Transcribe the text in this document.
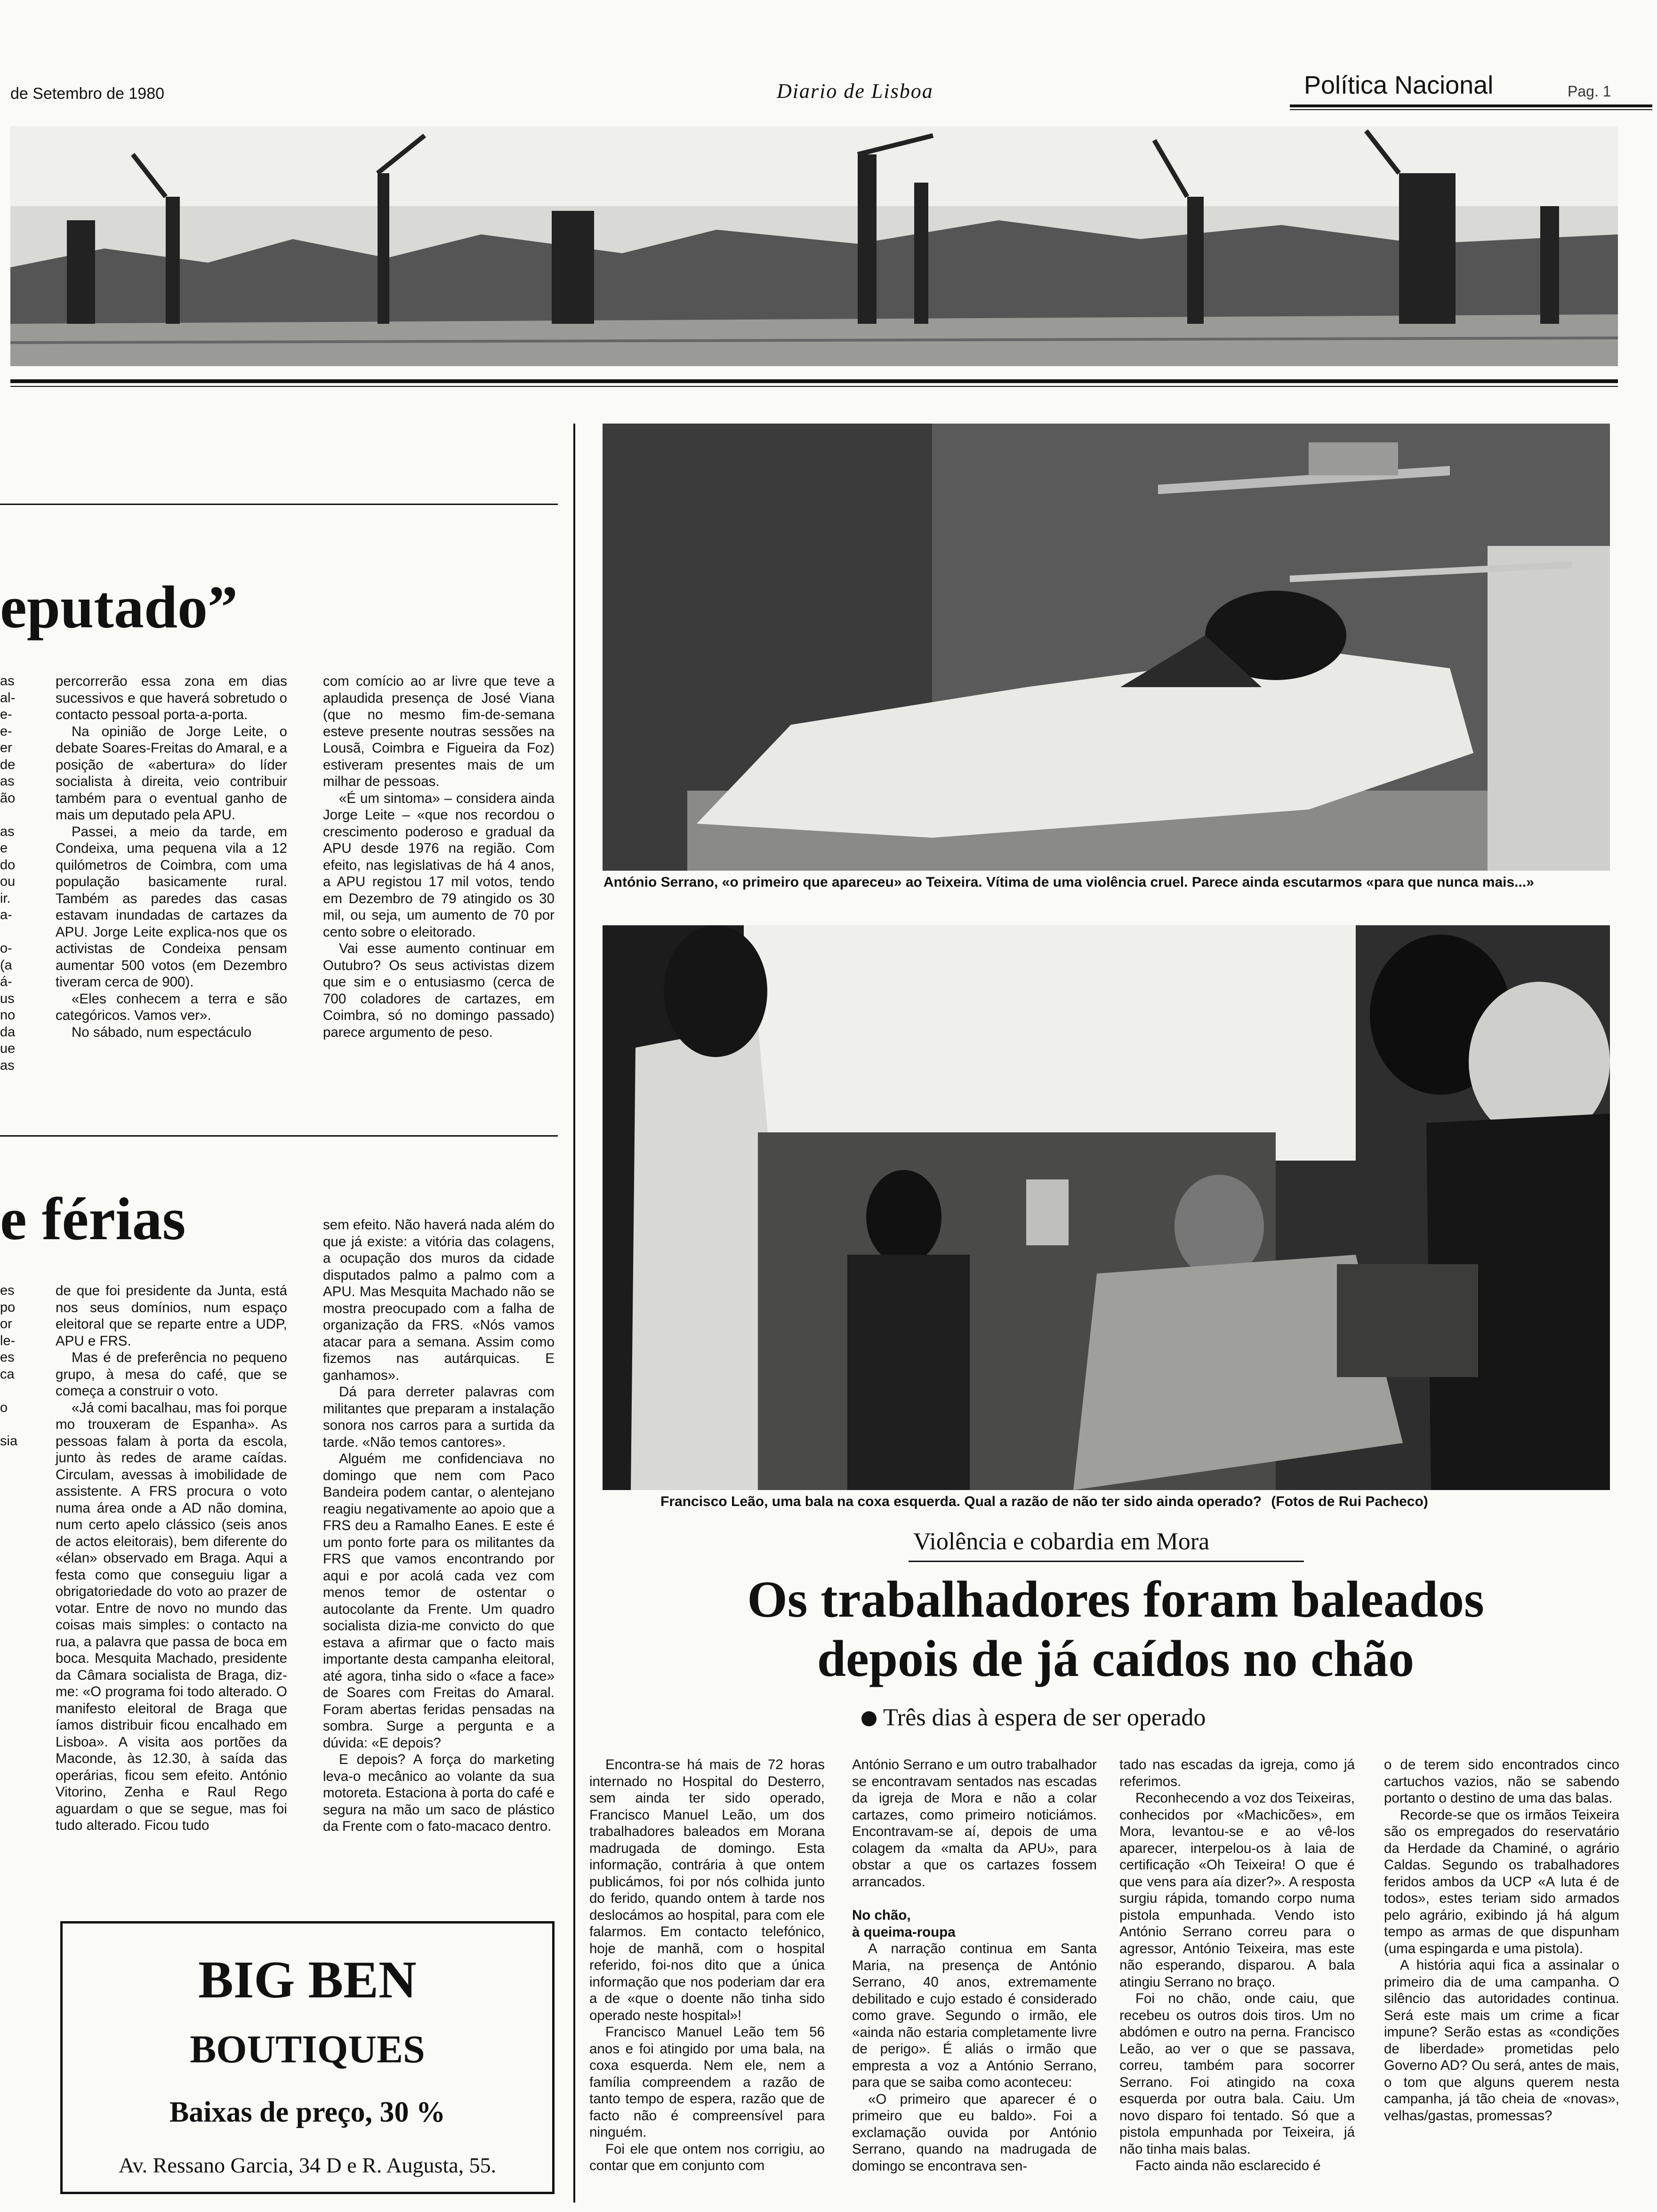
de Setembro de 1980	Diario de Lisboa	Política Nacional	Pag. 1
eputado”
as
al-
e-
e-
er
de
as
ão

as
e
do
ou
ir.
a-

o-
(a
á-
us
no
da
ue
as

percorrerão essa zona em dias sucessivos e que haverá sobretudo o contacto pessoal porta-a-porta.

Na opinião de Jorge Leite, o debate Soares-Freitas do Amaral, e a posição de «abertura» do líder socialista à direita, veio contribuir também para o eventual ganho de mais um deputado pela APU.

Passei, a meio da tarde, em Condeixa, uma pequena vila a 12 quilómetros de Coimbra, com uma população basicamente rural. Também as paredes das casas estavam inundadas de cartazes da APU. Jorge Leite explica-nos que os activistas de Condeixa pensam aumentar 500 votos (em Dezembro tiveram cerca de 900).

«Eles conhecem a terra e são categóricos. Vamos ver».

No sábado, num espectáculo

com comício ao ar livre que teve a aplaudida presença de José Viana (que no mesmo fim-de-semana esteve presente noutras sessões na Lousã, Coimbra e Figueira da Foz) estiveram presentes mais de um milhar de pessoas.

«É um sintoma» – considera ainda Jorge Leite – «que nos recordou o crescimento poderoso e gradual da APU desde 1976 na região. Com efeito, nas legislativas de há 4 anos, a APU registou 17 mil votos, tendo em Dezembro de 79 atingido os 30 mil, ou seja, um aumento de 70 por cento sobre o eleitorado.

Vai esse aumento continuar em Outubro? Os seus activistas dizem que sim e o entusiasmo (cerca de 700 coladores de cartazes, em Coimbra, só no domingo passado) parece argumento de peso.

e férias
es
po
or
le-
es
ca

o

sia

de que foi presidente da Junta, está nos seus domínios, num espaço eleitoral que se reparte entre a UDP, APU e FRS.

Mas é de preferência no pequeno grupo, à mesa do café, que se começa a construir o voto.

«Já comi bacalhau, mas foi porque mo trouxeram de Espanha». As pessoas falam à porta da escola, junto às redes de arame caídas. Circulam, avessas à imobilidade de assistente. A FRS procura o voto numa área onde a AD não domina, num certo apelo clássico (seis anos de actos eleitorais), bem diferente do «élan» observado em Braga. Aqui a festa como que conseguiu ligar a obrigatoriedade do voto ao prazer de votar. Entre de novo no mundo das coisas mais simples: o contacto na rua, a palavra que passa de boca em boca. Mesquita Machado, presidente da Câmara socialista de Braga, diz-me: «O programa foi todo alterado. O manifesto eleitoral de Braga que íamos distribuir ficou encalhado em Lisboa». A visita aos portões da Maconde, às 12.30, à saída das operárias, ficou sem efeito. António Vitorino, Zenha e Raul Rego aguardam o que se segue, mas foi tudo alterado. Ficou tudo

sem efeito. Não haverá nada além do que já existe: a vitória das colagens, a ocupação dos muros da cidade disputados palmo a palmo com a APU. Mas Mesquita Machado não se mostra preocupado com a falha de organização da FRS. «Nós vamos atacar para a semana. Assim como fizemos nas autárquicas. E ganhamos».

Dá para derreter palavras com militantes que preparam a instalação sonora nos carros para a surtida da tarde. «Não temos cantores».

Alguém me confidenciava no domingo que nem com Paco Bandeira podem cantar, o alentejano reagiu negativamente ao apoio que a FRS deu a Ramalho Eanes. E este é um ponto forte para os militantes da FRS que vamos encontrando por aqui e por acolá cada vez com menos temor de ostentar o autocolante da Frente. Um quadro socialista dizia-me convicto do que estava a afirmar que o facto mais importante desta campanha eleitoral, até agora, tinha sido o «face a face» de Soares com Freitas do Amaral. Foram abertas feridas pensadas na sombra. Surge a pergunta e a dúvida: «E depois?

E depois? A força do marketing leva-o mecânico ao volante da sua motoreta. Estaciona à porta do café e segura na mão um saco de plástico da Frente com o fato-macaco dentro.

BIG BEN
BOUTIQUES
Baixas de preço, 30 %
Av. Ressano Garcia, 34 D e R. Augusta, 55.
António Serrano, «o primeiro que apareceu» ao Teixeira. Vítima de uma violência cruel. Parece ainda escutarmos «para que nunca mais...»
Francisco Leão, uma bala na coxa esquerda. Qual a razão de não ter sido ainda operado? (Fotos de Rui Pacheco)
Violência e cobardia em Mora
Os trabalhadores foram baleados
depois de já caídos no chão
Três dias à espera de ser operado

Encontra-se há mais de 72 horas internado no Hospital do Desterro, sem ainda ter sido operado, Francisco Manuel Leão, um dos trabalhadores baleados em Morana madrugada de domingo. Esta informação, contrária à que ontem publicámos, foi por nós colhida junto do ferido, quando ontem à tarde nos deslocámos ao hospital, para com ele falarmos. Em contacto telefónico, hoje de manhã, com o hospital referido, foi-nos dito que a única informação que nos poderiam dar era a de «que o doente não tinha sido operado neste hospital»!

Francisco Manuel Leão tem 56 anos e foi atingido por uma bala, na coxa esquerda. Nem ele, nem a família compreendem a razão de tanto tempo de espera, razão que de facto não é compreensível para ninguém.

Foi ele que ontem nos corrigiu, ao contar que em conjunto com

António Serrano e um outro trabalhador se encontravam sentados nas escadas da igreja de Mora e não a colar cartazes, como primeiro noticiámos. Encontravam-se aí, depois de uma colagem da «malta da APU», para obstar a que os cartazes fossem arrancados.

No chão,

à queima-roupa

A narração continua em Santa Maria, na presença de António Serrano, 40 anos, extremamente debilitado e cujo estado é considerado como grave. Segundo o irmão, ele «ainda não estaria completamente livre de perigo». É aliás o irmão que empresta a voz a António Serrano, para que se saiba como aconteceu:

«O primeiro que aparecer é o primeiro que eu baldo». Foi a exclamação ouvida por António Serrano, quando na madrugada de domingo se encontrava sen-

tado nas escadas da igreja, como já referimos.

Reconhecendo a voz dos Teixeiras, conhecidos por «Machicões», em Mora, levantou-se e ao vê-los aparecer, interpelou-os à laia de certificação «Oh Teixeira! O que é que vens para aía dizer?». A resposta surgiu rápida, tomando corpo numa pistola empunhada. Vendo isto António Serrano correu para o agressor, António Teixeira, mas este não esperando, disparou. A bala atingiu Serrano no braço.

Foi no chão, onde caiu, que recebeu os outros dois tiros. Um no abdómen e outro na perna. Francisco Leão, ao ver o que se passava, correu, também para socorrer Serrano. Foi atingido na coxa esquerda por outra bala. Caiu. Um novo disparo foi tentado. Só que a pistola empunhada por Teixeira, já não tinha mais balas.

Facto ainda não esclarecido é

o de terem sido encontrados cinco cartuchos vazios, não se sabendo portanto o destino de uma das balas.

Recorde-se que os irmãos Teixeira são os empregados do reservatário da Herdade da Chaminé, o agrário Caldas. Segundo os trabalhadores feridos ambos da UCP «A luta é de todos», estes teriam sido armados pelo agrário, exibindo já há algum tempo as armas de que dispunham (uma espingarda e uma pistola).

A história aqui fica a assinalar o primeiro dia de uma campanha. O silêncio das autoridades continua. Será este mais um crime a ficar impune? Serão estas as «condições de liberdade» prometidas pelo Governo AD? Ou será, antes de mais, o tom que alguns querem nesta campanha, já tão cheia de «novas», velhas/gastas, promessas?
